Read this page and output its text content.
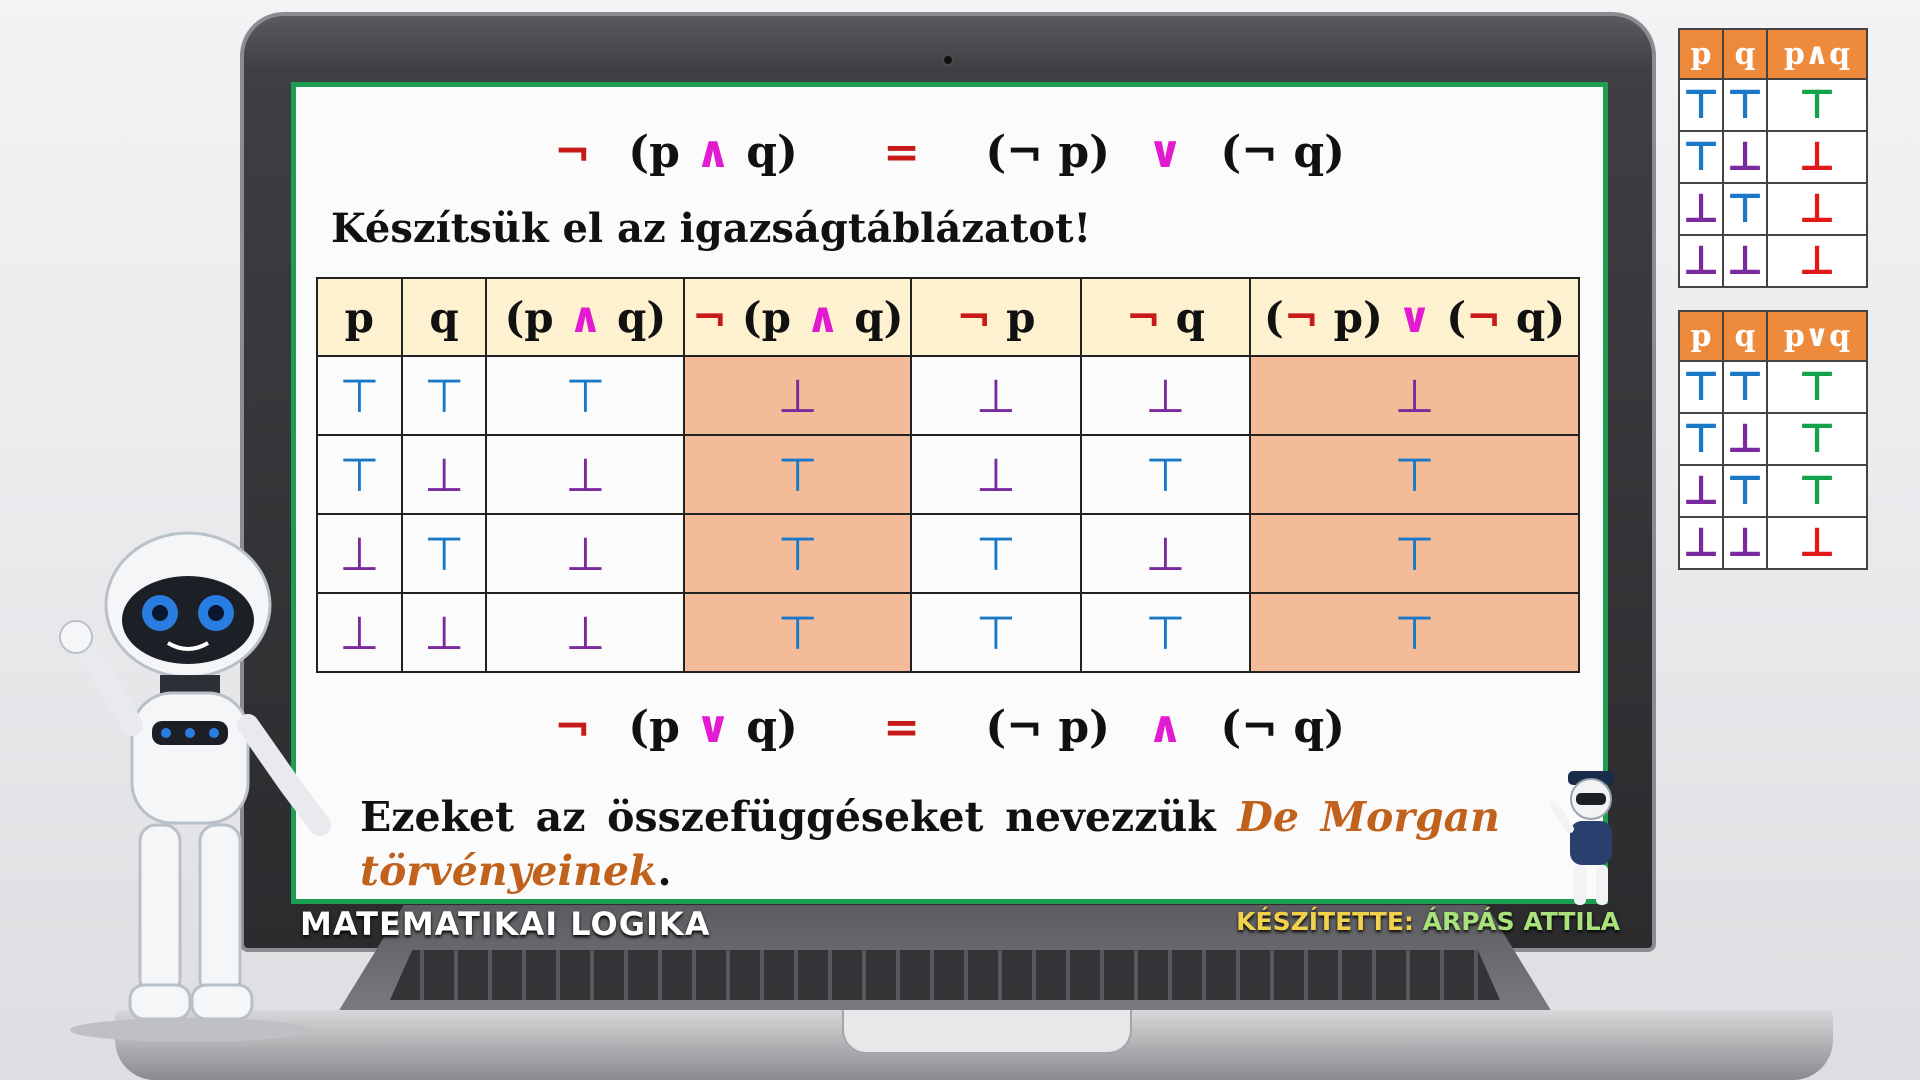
¬ (p ∧ q) = (¬ p) ∨ (¬ q)
Készítsük el az igazságtáblázatot!
p	q	(p ∧ q)	¬ (p ∧ q)	¬ p	¬ q	(¬ p) ∨ (¬ q)
⊤	⊤	⊤	⊥	⊥	⊥	⊥
⊤	⊥	⊥	⊤	⊥	⊤	⊤
⊥	⊤	⊥	⊤	⊤	⊥	⊤
⊥	⊥	⊥	⊤	⊤	⊤	⊤
¬ (p ∨ q) = (¬ p) ∧ (¬ q)
Ezeket az összefüggéseket nevezzük De Morgan
törvényeinek.
MATEMATIKAI LOGIKA	KÉSZÍTETTE: ÁRPÁS ATTILA
p	q	p∧q
⊤	⊤	⊤
⊤	⊥	⊥
⊥	⊤	⊥
⊥	⊥	⊥
p	q	p∨q
⊤	⊤	⊤
⊤	⊥	⊤
⊥	⊤	⊤
⊥	⊥	⊥
